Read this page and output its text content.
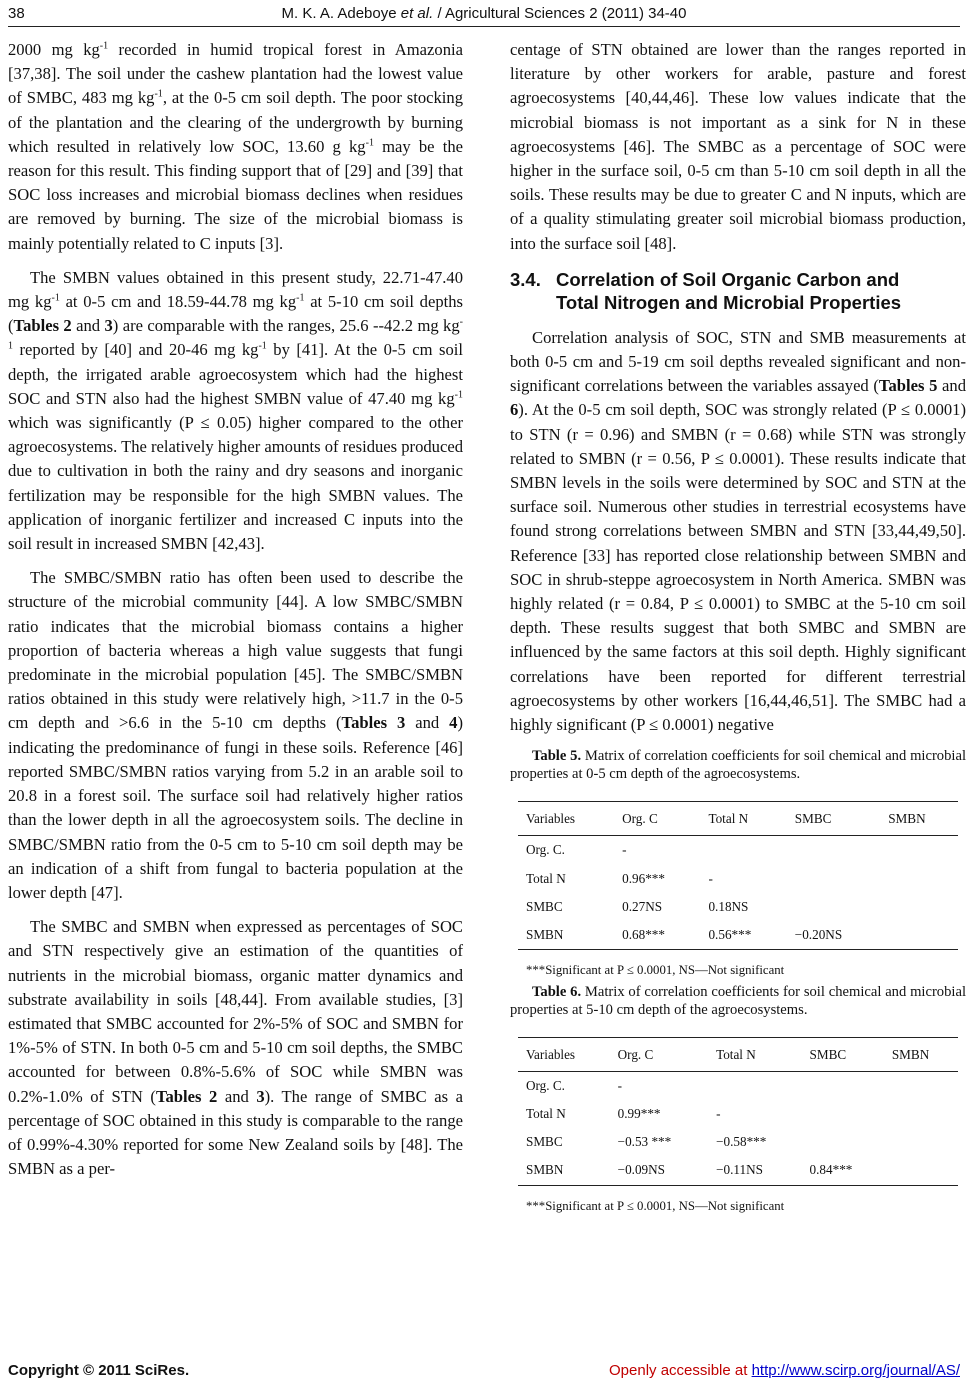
38	M. K. A. Adeboye et al. / Agricultural Sciences 2 (2011) 34-40

2000 mg $kg^{-1}$ recorded in humid tropical forest in Amazonia [37,38]. The soil under the cashew plantation had the lowest value of SMBC, 483 mg $kg^{-1}$, at the 0-5 cm soil depth. The poor stocking of the plantation and the clearing of the undergrowth by burning which resulted in relatively low SOC, 13.60 g $kg^{-1}$ may be the reason for this result. This finding support that of [29] and [39] that SOC loss increases and microbial biomass declines when residues are removed by burning. The size of the microbial biomass is mainly potentially related to C inputs [3].

The SMBN values obtained in this present study, 22.71-47.40 mg $kg^{-1}$ at 0-5 cm and 18.59-44.78 mg $kg^{-1}$ at 5-10 cm soil depths (Tables 2 and 3) are comparable with the ranges, 25.6 --42.2 mg $kg^{-1}$ reported by [40] and 20-46 mg $kg^{-1}$ by [41]. At the 0-5 cm soil depth, the irrigated arable agroecosystem which had the highest SOC and STN also had the highest SMBN value of 47.40 mg $kg^{-1}$ which was significantly (P ≤ 0.05) higher compared to the other agroecosystems. The relatively higher amounts of residues produced due to cultivation in both the rainy and dry seasons and inorganic fertilization may be responsible for the high SMBN values. The application of inorganic fertilizer and increased C inputs into the soil result in increased SMBN [42,43].

The SMBC/SMBN ratio has often been used to describe the structure of the microbial community [44]. A low SMBC/SMBN ratio indicates that the microbial biomass contains a higher proportion of bacteria whereas a high value suggests that fungi predominate in the microbial population [45]. The SMBC/SMBN ratios obtained in this study were relatively high, >11.7 in the 0-5 cm depth and >6.6 in the 5-10 cm depths (Tables 3 and 4) indicating the predominance of fungi in these soils. Reference [46] reported SMBC/SMBN ratios varying from 5.2 in an arable soil to 20.8 in a forest soil. The surface soil had relatively higher ratios than the lower depth in all the agroecosystem soils. The decline in SMBC/SMBN ratio from the 0-5 cm to 5-10 cm soil depth may be an indication of a shift from fungal to bacteria population at the lower depth [47].

The SMBC and SMBN when expressed as percentages of SOC and STN respectively give an estimation of the quantities of nutrients in the microbial biomass, organic matter dynamics and substrate availability in soils [48,44]. From available studies, [3] estimated that SMBC accounted for 2%-5% of SOC and SMBN for 1%-5% of STN. In both 0-5 cm and 5-10 cm soil depths, the SMBC accounted for between 0.8%-5.6% of SOC while SMBN was 0.2%-1.0% of STN (Tables 2 and 3). The range of SMBC as a percentage of SOC obtained in this study is comparable to the range of 0.99%-4.30% reported for some New Zealand soils by [48]. The SMBN as a per-

centage of STN obtained are lower than the ranges reported in literature by other workers for arable, pasture and forest agroecosystems [40,44,46]. These low values indicate that the microbial biomass is not important as a sink for N in these agroecosystems [46]. The SMBC as a percentage of SOC were higher in the surface soil, 0-5 cm than 5-10 cm soil depth in all the soils. These results may be due to greater C and N inputs, which are of a quality stimulating greater soil microbial biomass production, into the surface soil [48].

3.4. Correlation of Soil Organic Carbon and
Total Nitrogen and Microbial Properties

Correlation analysis of SOC, STN and SMB measurements at both 0-5 cm and 5-19 cm soil depths revealed significant and non-significant correlations between the variables assayed (Tables 5 and 6). At the 0-5 cm soil depth, SOC was strongly related (P ≤ 0.0001) to STN (r = 0.96) and SMBN (r = 0.68) while STN was strongly related to SMBN (r = 0.56, P ≤ 0.0001). These results indicate that SMBN levels in the soils were determined by SOC and STN at the surface soil. Numerous other studies in terrestrial ecosystems have found strong correlations between SMBN and STN [33,44,49,50]. Reference [33] has reported close relationship between SMBN and SOC in shrub-steppe agroecosystem in North America. SMBN was highly related (r = 0.84, P ≤ 0.0001) to SMBC at the 5-10 cm soil depth. These results suggest that both SMBC and SMBN are influenced by the same factors at this soil depth. Highly significant correlations have been reported for different terrestrial agroecosystems by other workers [16,44,46,51]. The SMBC had a highly significant (P ≤ 0.0001) negative

Table 5. Matrix of correlation coefficients for soil chemical and microbial properties at 0-5 cm depth of the agroecosystems.

Variables	Org. C	Total N	SMBC	SMBN
Org. C.	-			
Total N	0.96***	-		
SMBC	0.27NS	0.18NS		
SMBN	0.68***	0.56***	−0.20NS	
***Significant at P ≤ 0.0001, NS—Not significant

Table 6. Matrix of correlation coefficients for soil chemical and microbial properties at 5-10 cm depth of the agroecosystems.

Variables	Org. C	Total N	SMBC	SMBN
Org. C.	-			
Total N	0.99***	-		
SMBC	−0.53 ***	−0.58***		
SMBN	−0.09NS	−0.11NS	0.84***	
***Significant at P ≤ 0.0001, NS—Not significant
Copyright © 2011 SciRes.	Openly accessible at http://www.scirp.org/journal/AS/
